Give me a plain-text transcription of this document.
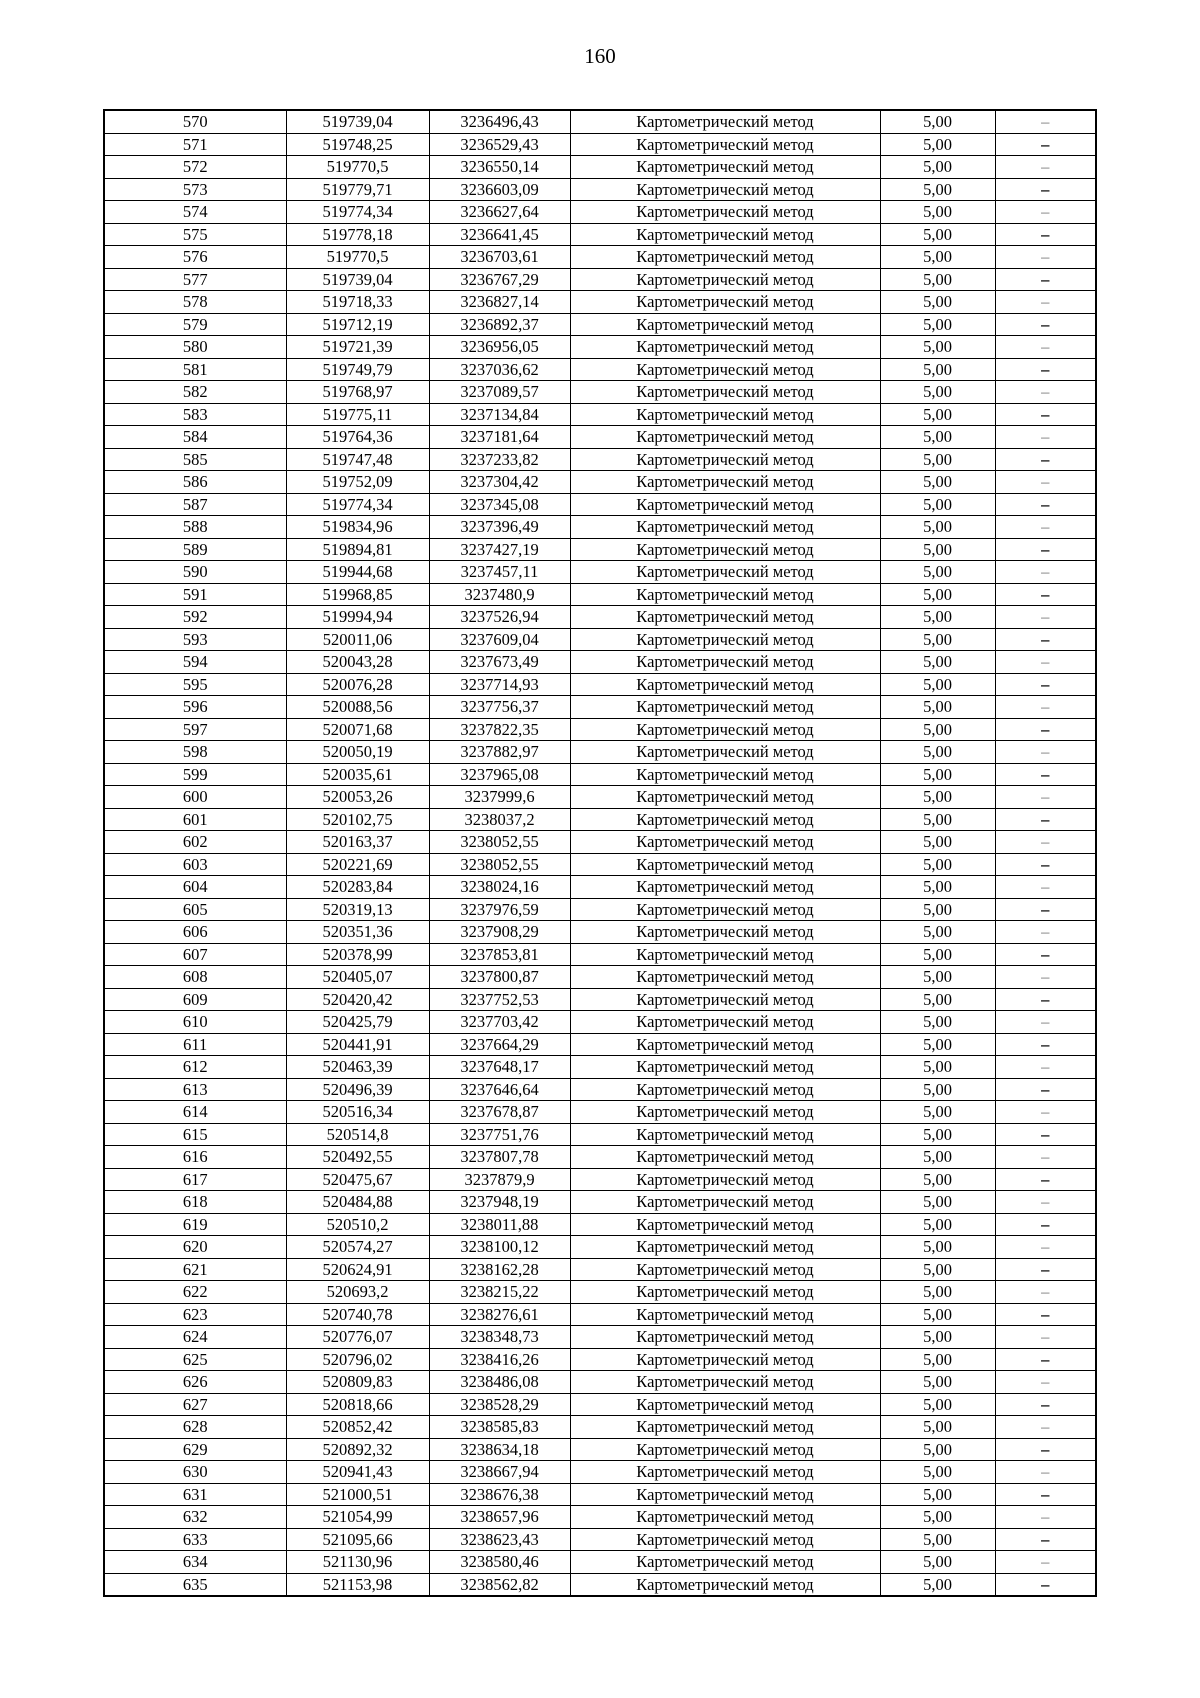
160
570	519739,04	3236496,43	Картометрический метод	5,00	–
571	519748,25	3236529,43	Картометрический метод	5,00	–
572	519770,5	3236550,14	Картометрический метод	5,00	–
573	519779,71	3236603,09	Картометрический метод	5,00	–
574	519774,34	3236627,64	Картометрический метод	5,00	–
575	519778,18	3236641,45	Картометрический метод	5,00	–
576	519770,5	3236703,61	Картометрический метод	5,00	–
577	519739,04	3236767,29	Картометрический метод	5,00	–
578	519718,33	3236827,14	Картометрический метод	5,00	–
579	519712,19	3236892,37	Картометрический метод	5,00	–
580	519721,39	3236956,05	Картометрический метод	5,00	–
581	519749,79	3237036,62	Картометрический метод	5,00	–
582	519768,97	3237089,57	Картометрический метод	5,00	–
583	519775,11	3237134,84	Картометрический метод	5,00	–
584	519764,36	3237181,64	Картометрический метод	5,00	–
585	519747,48	3237233,82	Картометрический метод	5,00	–
586	519752,09	3237304,42	Картометрический метод	5,00	–
587	519774,34	3237345,08	Картометрический метод	5,00	–
588	519834,96	3237396,49	Картометрический метод	5,00	–
589	519894,81	3237427,19	Картометрический метод	5,00	–
590	519944,68	3237457,11	Картометрический метод	5,00	–
591	519968,85	3237480,9	Картометрический метод	5,00	–
592	519994,94	3237526,94	Картометрический метод	5,00	–
593	520011,06	3237609,04	Картометрический метод	5,00	–
594	520043,28	3237673,49	Картометрический метод	5,00	–
595	520076,28	3237714,93	Картометрический метод	5,00	–
596	520088,56	3237756,37	Картометрический метод	5,00	–
597	520071,68	3237822,35	Картометрический метод	5,00	–
598	520050,19	3237882,97	Картометрический метод	5,00	–
599	520035,61	3237965,08	Картометрический метод	5,00	–
600	520053,26	3237999,6	Картометрический метод	5,00	–
601	520102,75	3238037,2	Картометрический метод	5,00	–
602	520163,37	3238052,55	Картометрический метод	5,00	–
603	520221,69	3238052,55	Картометрический метод	5,00	–
604	520283,84	3238024,16	Картометрический метод	5,00	–
605	520319,13	3237976,59	Картометрический метод	5,00	–
606	520351,36	3237908,29	Картометрический метод	5,00	–
607	520378,99	3237853,81	Картометрический метод	5,00	–
608	520405,07	3237800,87	Картометрический метод	5,00	–
609	520420,42	3237752,53	Картометрический метод	5,00	–
610	520425,79	3237703,42	Картометрический метод	5,00	–
611	520441,91	3237664,29	Картометрический метод	5,00	–
612	520463,39	3237648,17	Картометрический метод	5,00	–
613	520496,39	3237646,64	Картометрический метод	5,00	–
614	520516,34	3237678,87	Картометрический метод	5,00	–
615	520514,8	3237751,76	Картометрический метод	5,00	–
616	520492,55	3237807,78	Картометрический метод	5,00	–
617	520475,67	3237879,9	Картометрический метод	5,00	–
618	520484,88	3237948,19	Картометрический метод	5,00	–
619	520510,2	3238011,88	Картометрический метод	5,00	–
620	520574,27	3238100,12	Картометрический метод	5,00	–
621	520624,91	3238162,28	Картометрический метод	5,00	–
622	520693,2	3238215,22	Картометрический метод	5,00	–
623	520740,78	3238276,61	Картометрический метод	5,00	–
624	520776,07	3238348,73	Картометрический метод	5,00	–
625	520796,02	3238416,26	Картометрический метод	5,00	–
626	520809,83	3238486,08	Картометрический метод	5,00	–
627	520818,66	3238528,29	Картометрический метод	5,00	–
628	520852,42	3238585,83	Картометрический метод	5,00	–
629	520892,32	3238634,18	Картометрический метод	5,00	–
630	520941,43	3238667,94	Картометрический метод	5,00	–
631	521000,51	3238676,38	Картометрический метод	5,00	–
632	521054,99	3238657,96	Картометрический метод	5,00	–
633	521095,66	3238623,43	Картометрический метод	5,00	–
634	521130,96	3238580,46	Картометрический метод	5,00	–
635	521153,98	3238562,82	Картометрический метод	5,00	–
